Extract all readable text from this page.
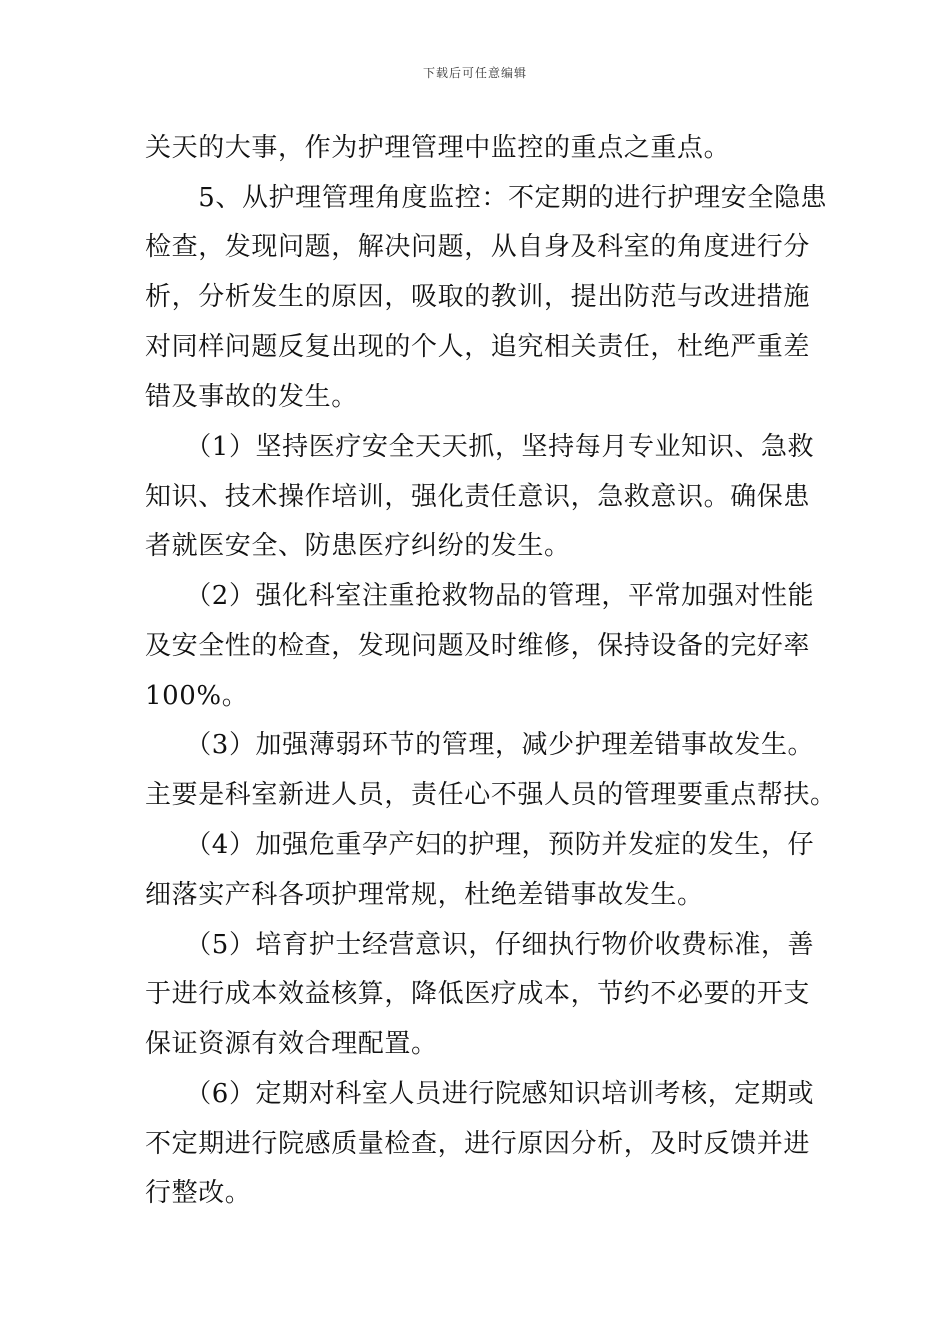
下载后可任意编辑
关天的大事，作为护理管理中监控的重点之重点。
　　5、从护理管理角度监控：不定期的进行护理安全隐患
检查，发现问题，解决问题，从自身及科室的角度进行分
析，分析发生的原因，吸取的教训，提出防范与改进措施
对同样问题反复出现的个人，追究相关责任，杜绝严重差
错及事故的发生。
　　（1）坚持医疗安全天天抓，坚持每月专业知识、急救
知识、技术操作培训，强化责任意识，急救意识。确保患
者就医安全、防患医疗纠纷的发生。
　　（2）强化科室注重抢救物品的管理，平常加强对性能
及安全性的检查，发现问题及时维修，保持设备的完好率
100%。
　　（3）加强薄弱环节的管理，减少护理差错事故发生。
主要是科室新进人员，责任心不强人员的管理要重点帮扶。
　　（4）加强危重孕产妇的护理，预防并发症的发生，仔
细落实产科各项护理常规，杜绝差错事故发生。
　　（5）培育护士经营意识，仔细执行物价收费标准，善
于进行成本效益核算，降低医疗成本，节约不必要的开支
保证资源有效合理配置。
　　（6）定期对科室人员进行院感知识培训考核，定期或
不定期进行院感质量检查，进行原因分析，及时反馈并进
行整改。
